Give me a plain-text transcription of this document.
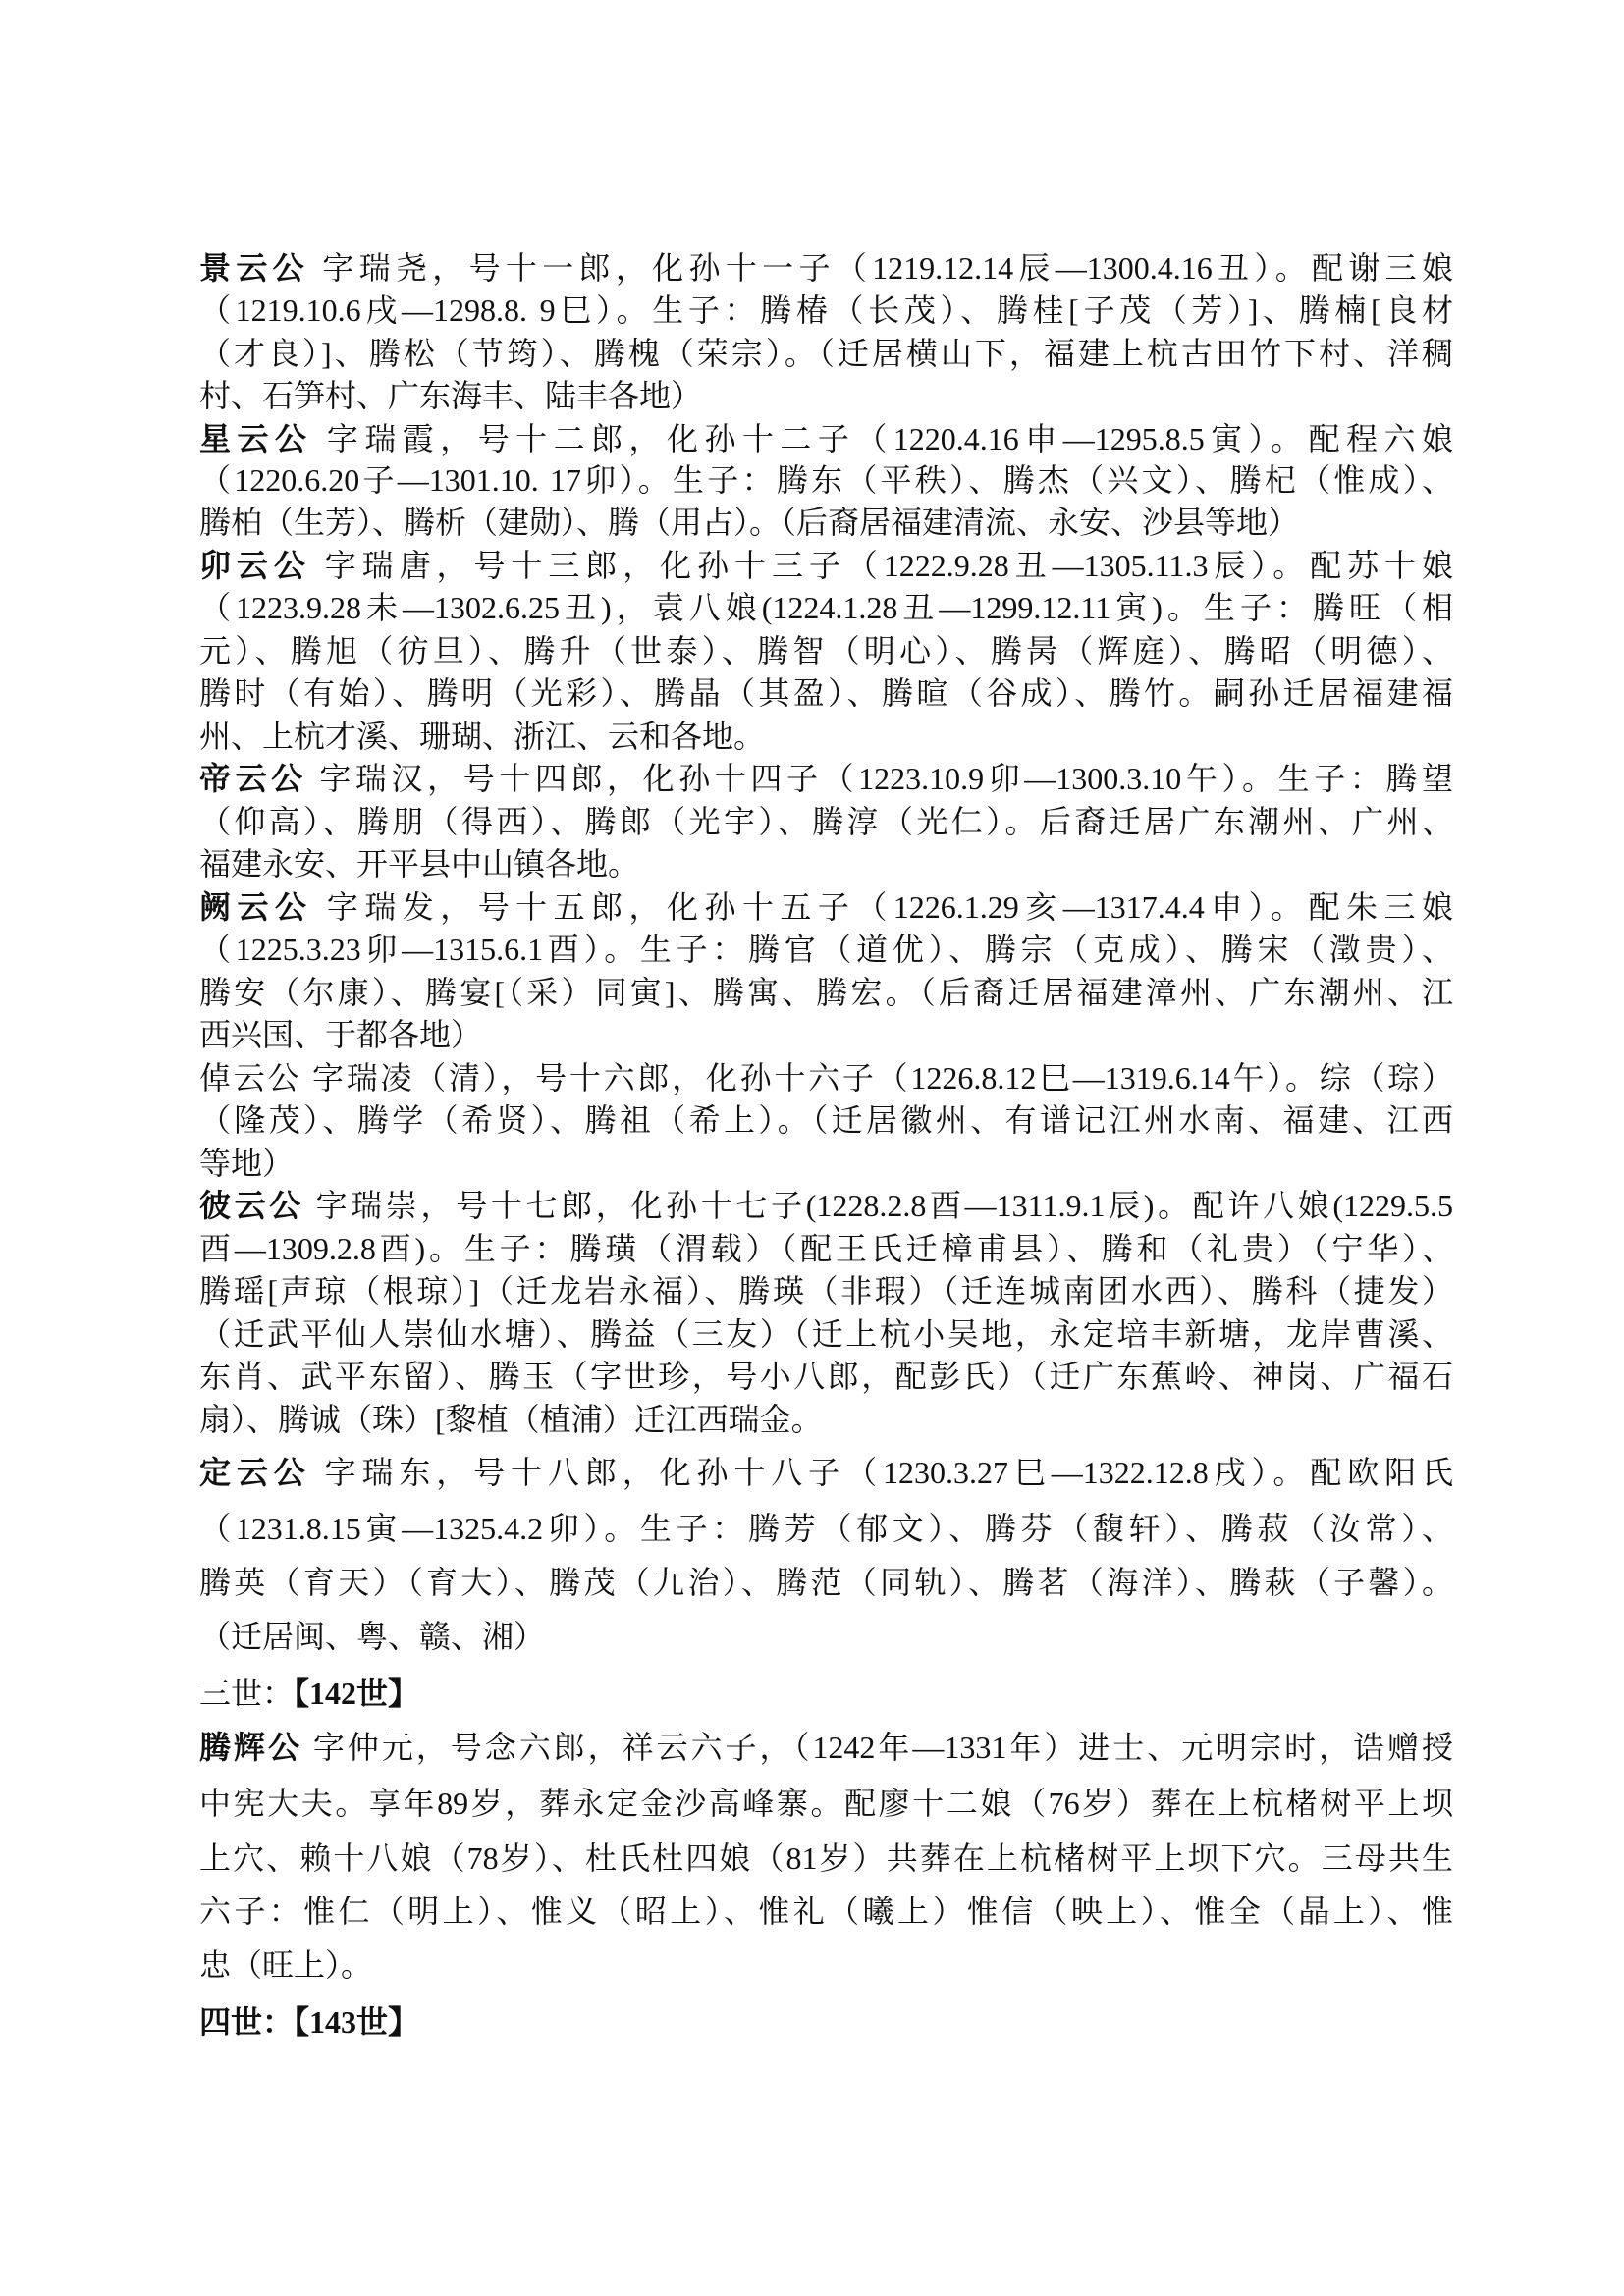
景云公 字瑞尧，号十一郎，化孙十一子（1219.12.14辰—1300.4.16丑）。配谢三娘
（1219.10.6戌—1298.8. 9巳）。生子：腾椿（长茂）、腾桂[子茂（芳）]、腾楠[良材
（才良）]、腾松（节筠）、腾槐（荣宗）。（迁居横山下，福建上杭古田竹下村、洋稠
村、石笋村、广东海丰、陆丰各地）
星云公 字瑞霞，号十二郎，化孙十二子（1220.4.16申—1295.8.5寅）。配程六娘
（1220.6.20子—1301.10. 17卯）。生子：腾东（平秩）、腾杰（兴文）、腾杞（惟成）、
腾柏（生芳）、腾析（建勋）、腾（用占）。（后裔居福建清流、永安、沙县等地）
卯云公 字瑞唐，号十三郎，化孙十三子（1222.9.28丑—1305.11.3辰）。配苏十娘
（1223.9.28未—1302.6.25丑)，袁八娘(1224.1.28丑—1299.12.11寅)。生子：腾旺（相
元）、腾旭（彷旦）、腾升（世泰）、腾智（明心）、腾昺（辉庭）、腾昭（明德）、
腾时（有始）、腾明（光彩）、腾晶（其盈）、腾暄（谷成）、腾竹。嗣孙迁居福建福
州、上杭才溪、珊瑚、浙江、云和各地。
帝云公 字瑞汉，号十四郎，化孙十四子（1223.10.9卯—1300.3.10午）。生子：腾望
（仰高）、腾朋（得西）、腾郎（光宇）、腾淳（光仁）。后裔迁居广东潮州、广州、
福建永安、开平县中山镇各地。
阙云公 字瑞发，号十五郎，化孙十五子（1226.1.29亥—1317.4.4申）。配朱三娘
（1225.3.23卯—1315.6.1酉）。生子：腾官（道优）、腾宗（克成）、腾宋（澂贵）、
腾安（尔康）、腾宴[（采）同寅]、腾寓、腾宏。（后裔迁居福建漳州、广东潮州、江
西兴国、于都各地）
倬云公 字瑞凌（清），号十六郎，化孙十六子（1226.8.12巳—1319.6.14午）。综（琮）
（隆茂）、腾学（希贤）、腾祖（希上）。（迁居徽州、有谱记江州水南、福建、江西
等地）
彼云公 字瑞崇，号十七郎，化孙十七子(1228.2.8酉—1311.9.1辰)。配许八娘(1229.5.5
酉—1309.2.8酉)。生子：腾璜（渭载）（配王氏迁樟甫县）、腾和（礼贵）（宁华）、
腾瑶[声琼（根琼）]（迁龙岩永福）、腾瑛（非瑕）（迁连城南团水西）、腾科（捷发）
（迁武平仙人崇仙水塘）、腾益（三友）（迁上杭小吴地，永定培丰新塘，龙岸曹溪、
东肖、武平东留）、腾玉（字世珍，号小八郎，配彭氏）（迁广东蕉岭、神岗、广福石
扇）、腾诚（珠）[黎植（植浦）迁江西瑞金。
定云公 字瑞东，号十八郎，化孙十八子（1230.3.27巳—1322.12.8戌）。配欧阳氏
（1231.8.15寅—1325.4.2卯）。生子：腾芳（郁文）、腾芬（馥轩）、腾菽（汝常）、
腾英（育天）（育大）、腾茂（九治）、腾范（同轨）、腾茗（海洋）、腾萩（子馨）。
（迁居闽、粤、赣、湘）
三世：【142世】
腾辉公 字仲元，号念六郎，祥云六子，（1242年—1331年）进士、元明宗时，诰赠授
中宪大夫。享年89岁，葬永定金沙高峰寨。配廖十二娘（76岁）葬在上杭楮树平上坝
上穴、赖十八娘（78岁）、杜氏杜四娘（81岁）共葬在上杭楮树平上坝下穴。三母共生
六子：惟仁（明上）、惟义（昭上）、惟礼（曦上）惟信（映上）、惟全（晶上）、惟
忠（旺上）。
四世：【143世】
